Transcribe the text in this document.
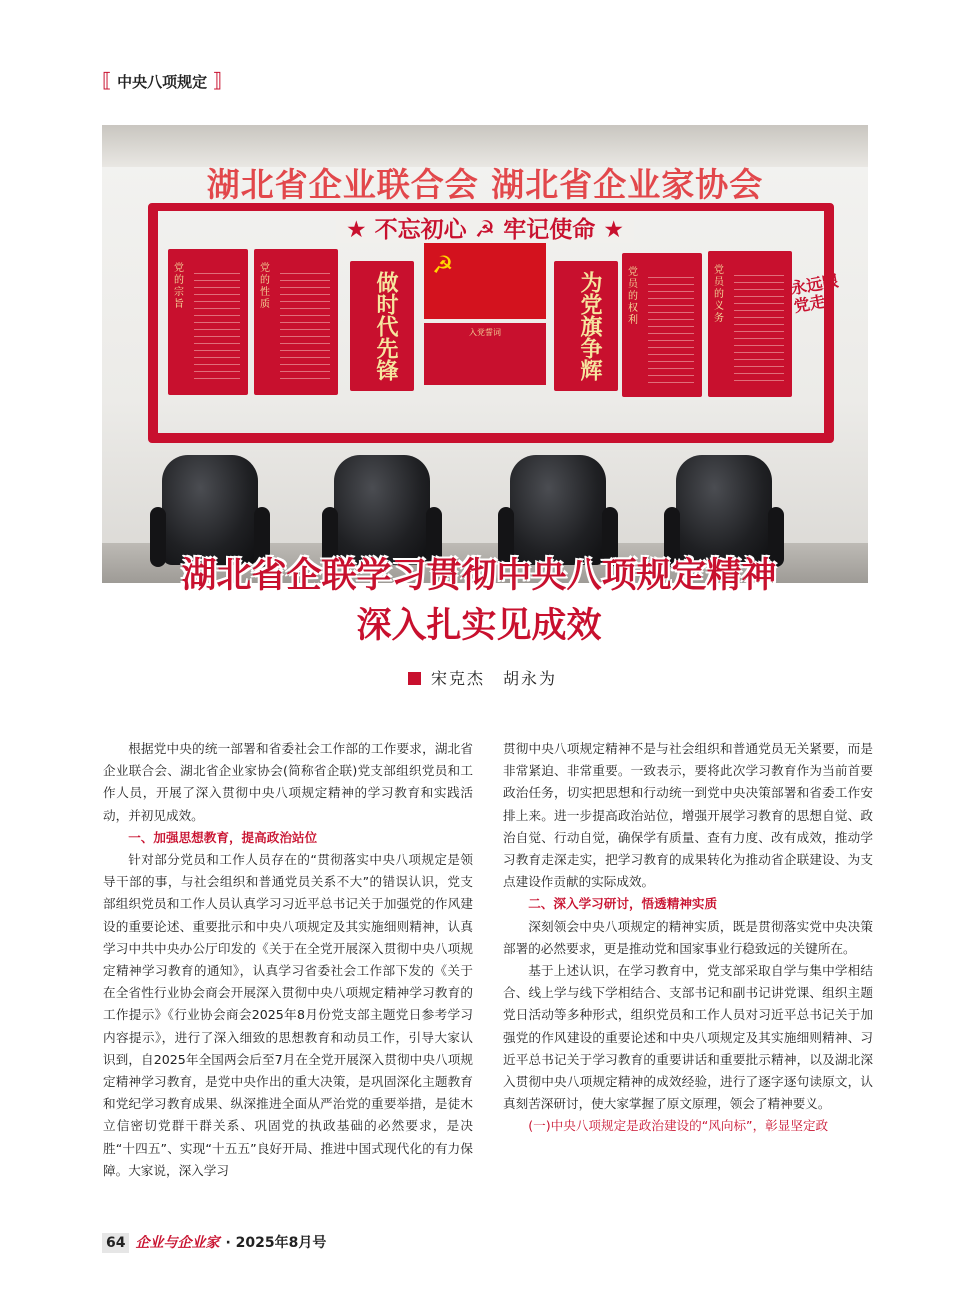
⟦ 中央八项规定 ⟧
湖北省企业联合会 湖北省企业家协会
★ 不忘初心 ☭ 牢记使命 ★
党的宗旨
党的性质	做时代先锋
☭
入党誓词	为党旗争辉	党员的权利
党员的义务
永远跟党走
湖北省企联学习贯彻中央八项规定精神
深入扎实见成效
宋克杰　胡永为

根据党中央的统一部署和省委社会工作部的工作要求，湖北省企业联合会、湖北省企业家协会(简称省企联)党支部组织党员和工作人员，开展了深入贯彻中央八项规定精神的学习教育和实践活动，并初见成效。

一、加强思想教育，提高政治站位

针对部分党员和工作人员存在的“贯彻落实中央八项规定是领导干部的事，与社会组织和普通党员关系不大”的错误认识，党支部组织党员和工作人员认真学习习近平总书记关于加强党的作风建设的重要论述、重要批示和中央八项规定及其实施细则精神，认真学习中共中央办公厅印发的《关于在全党开展深入贯彻中央八项规定精神学习教育的通知》，认真学习省委社会工作部下发的《关于在全省性行业协会商会开展深入贯彻中央八项规定精神学习教育的工作提示》《行业协会商会2025年8月份党支部主题党日参考学习内容提示》，进行了深入细致的思想教育和动员工作，引导大家认识到，自2025年全国两会后至7月在全党开展深入贯彻中央八项规定精神学习教育，是党中央作出的重大决策，是巩固深化主题教育和党纪学习教育成果、纵深推进全面从严治党的重要举措，是徒木立信密切党群干群关系、巩固党的执政基础的必然要求，是决胜“十四五”、实现“十五五”良好开局、推进中国式现代化的有力保障。大家说，深入学习

贯彻中央八项规定精神不是与社会组织和普通党员无关紧要，而是非常紧迫、非常重要。一致表示，要将此次学习教育作为当前首要政治任务，切实把思想和行动统一到党中央决策部署和省委工作安排上来。进一步提高政治站位，增强开展学习教育的思想自觉、政治自觉、行动自觉，确保学有质量、查有力度、改有成效，推动学习教育走深走实，把学习教育的成果转化为推动省企联建设、为支点建设作贡献的实际成效。

二、深入学习研讨，悟透精神实质

深刻领会中央八项规定的精神实质，既是贯彻落实党中央决策部署的必然要求，更是推动党和国家事业行稳致远的关键所在。

基于上述认识，在学习教育中，党支部采取自学与集中学相结合、线上学与线下学相结合、支部书记和副书记讲党课、组织主题党日活动等多种形式，组织党员和工作人员对习近平总书记关于加强党的作风建设的重要论述和中央八项规定及其实施细则精神、习近平总书记关于学习教育的重要讲话和重要批示精神，以及湖北深入贯彻中央八项规定精神的成效经验，进行了逐字逐句读原文，认真刻苦深研讨，使大家掌握了原文原理，领会了精神要义。

(一)中央八项规定是政治建设的“风向标”，彰显坚定政
64 企业与企业家 · 2025年8月号
